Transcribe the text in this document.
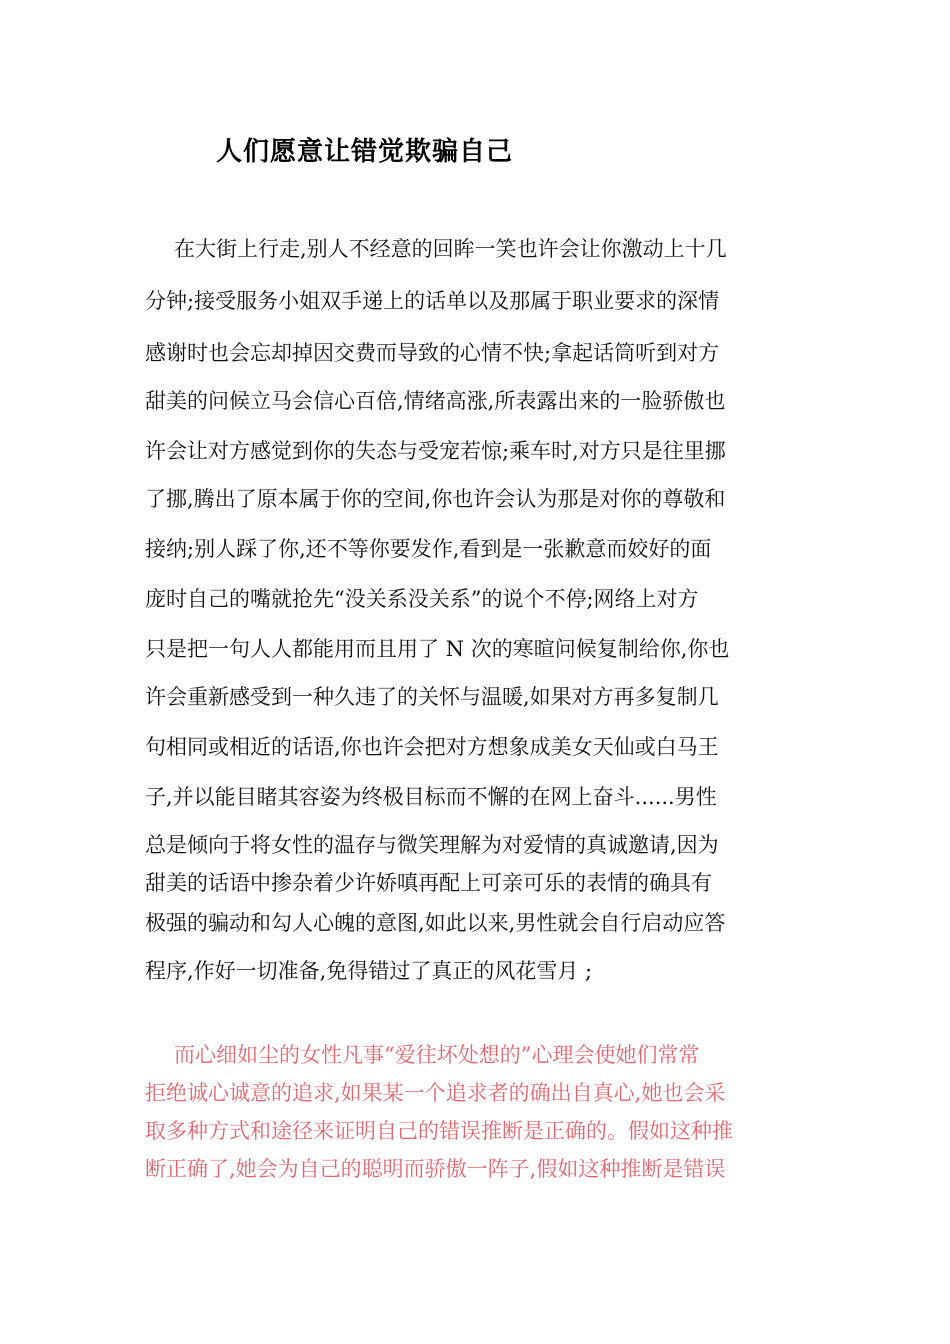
人们愿意让错觉欺骗自己

在大街上行走,别人不经意的回眸一笑也许会让你激动上十几

分钟;接受服务小姐双手递上的话单以及那属于职业要求的深情

感谢时也会忘却掉因交费而导致的心情不快;拿起话筒听到对方

甜美的问候立马会信心百倍,情绪高涨,所表露出来的一脸骄傲也

许会让对方感觉到你的失态与受宠若惊;乘车时,对方只是往里挪

了挪,腾出了原本属于你的空间,你也许会认为那是对你的尊敬和

接纳;别人踩了你,还不等你要发作,看到是一张歉意而姣好的面

庞时自己的嘴就抢先“没关系没关系”的说个不停;网络上对方

只是把一句人人都能用而且用了 N 次的寒暄问候复制给你,你也

许会重新感受到一种久违了的关怀与温暖,如果对方再多复制几

句相同或相近的话语,你也许会把对方想象成美女天仙或白马王

子,并以能目睹其容姿为终极目标而不懈的在网上奋斗......男性

总是倾向于将女性的温存与微笑理解为对爱情的真诚邀请,因为

甜美的话语中掺杂着少许娇嗔再配上可亲可乐的表情的确具有

极强的骗动和勾人心魄的意图,如此以来,男性就会自行启动应答

程序,作好一切准备,免得错过了真正的风花雪月 ;

而心细如尘的女性凡事“爱往坏处想的”心理会使她们常常

拒绝诚心诚意的追求,如果某一个追求者的确出自真心,她也会采

取多种方式和途径来证明自己的错误推断是正确的。假如这种推

断正确了,她会为自己的聪明而骄傲一阵子,假如这种推断是错误
